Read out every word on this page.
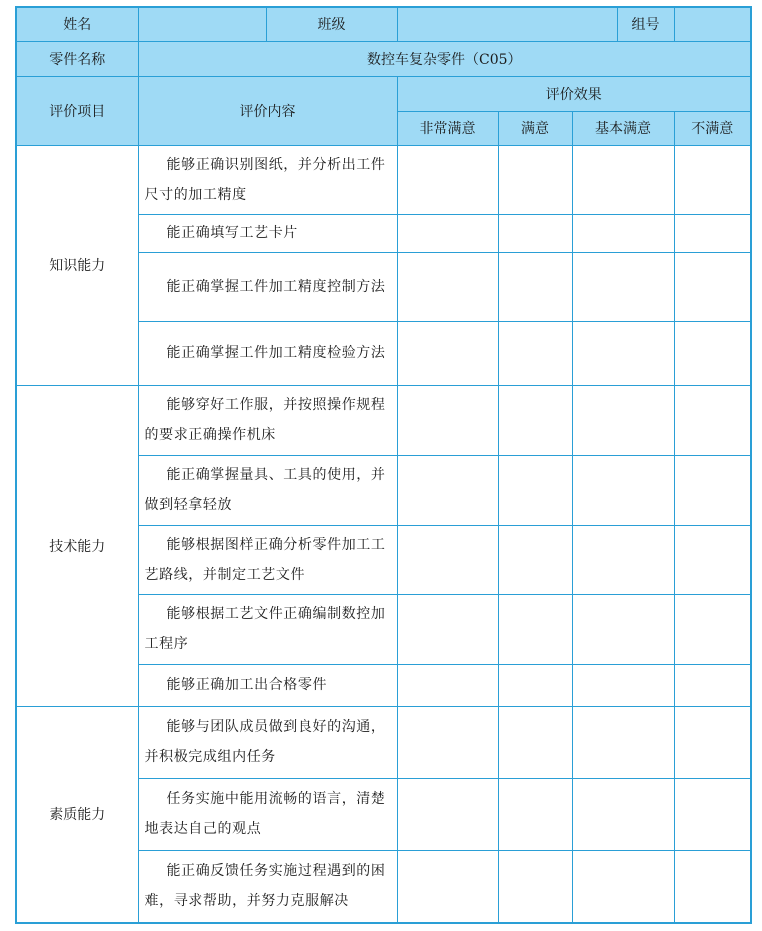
姓名		班级				组号	
零件名称	数控车复杂零件（C05）						
评价项目	评价内容		评价效果				
			非常满意	满意	基本满意		不满意
知识能力	能够正确识别图纸，并分析出工件尺寸的加工精度						

	能正确填写工艺卡片						

	能正确掌握工件加工精度控制方法						

	能正确掌握工件加工精度检验方法						

技术能力	能够穿好工作服，并按照操作规程的要求正确操作机床						

	能正确掌握量具、工具的使用，并做到轻拿轻放						

	能够根据图样正确分析零件加工工艺路线，并制定工艺文件						

	能够根据工艺文件正确编制数控加工程序						

	能够正确加工出合格零件						

素质能力	能够与团队成员做到良好的沟通，并积极完成组内任务						

	任务实施中能用流畅的语言，清楚地表达自己的观点						

	能正确反馈任务实施过程遇到的困难，寻求帮助，并努力克服解决						
